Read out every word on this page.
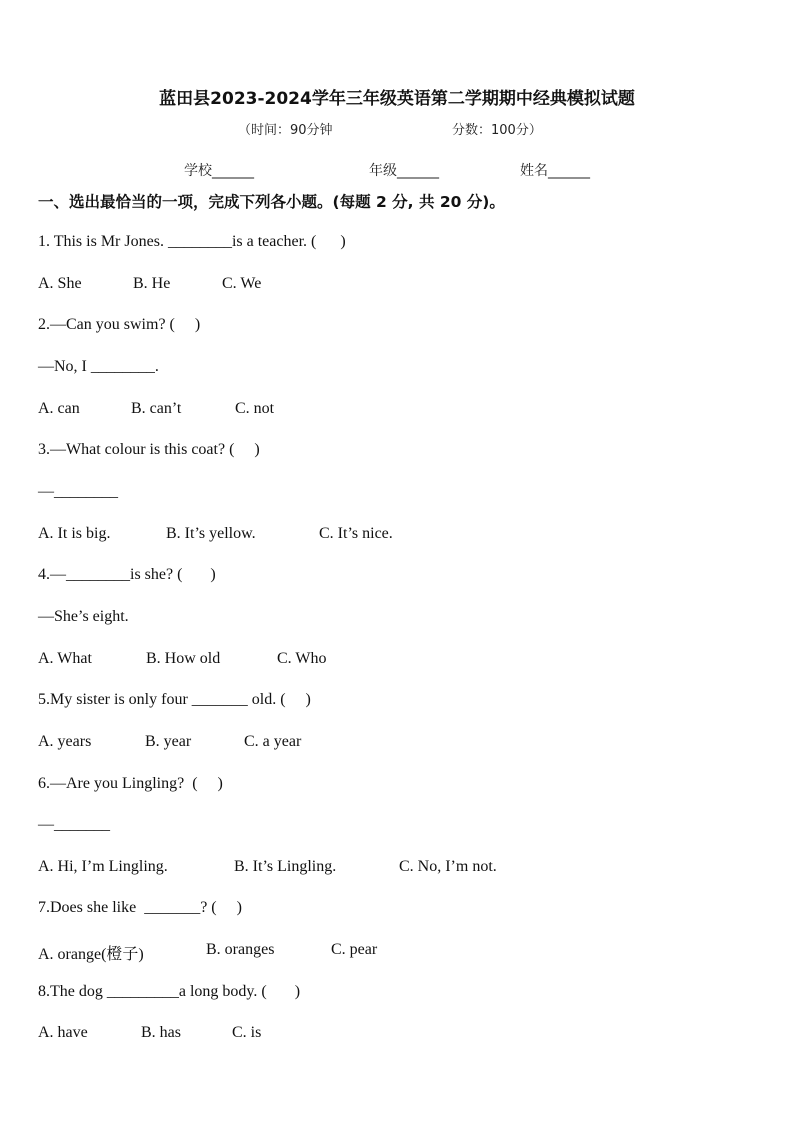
蓝田县2023-2024学年三年级英语第二学期期中经典模拟试题
（时间：90分钟	分数：100分）
学校______	年级______	姓名______
一、选出最恰当的一项，完成下列各小题。(每题 2 分, 共 20 分)。
1. This is Mr Jones. ________is a teacher. (      )
A. She	B. He	C. We
2.—Can you swim? (     )
—No, I ________.
A. can	B. can’t	C. not
3.—What colour is this coat? (     )
—________
A. It is big.	B. It’s yellow.	C. It’s nice.
4.—________is she? (       )
—She’s eight.
A. What	B. How old	C. Who
5.My sister is only four _______ old. (     )
A. years	B. year	C. a year
6.—Are you Lingling?  (     )
—_______
A. Hi, I’m Lingling.	B. It’s Lingling.	C. No, I’m not.
7.Does she like  _______? (     )
A. orange(橙子)	B. oranges	C. pear
8.The dog _________a long body. (       )
A. have	B. has	C. is
